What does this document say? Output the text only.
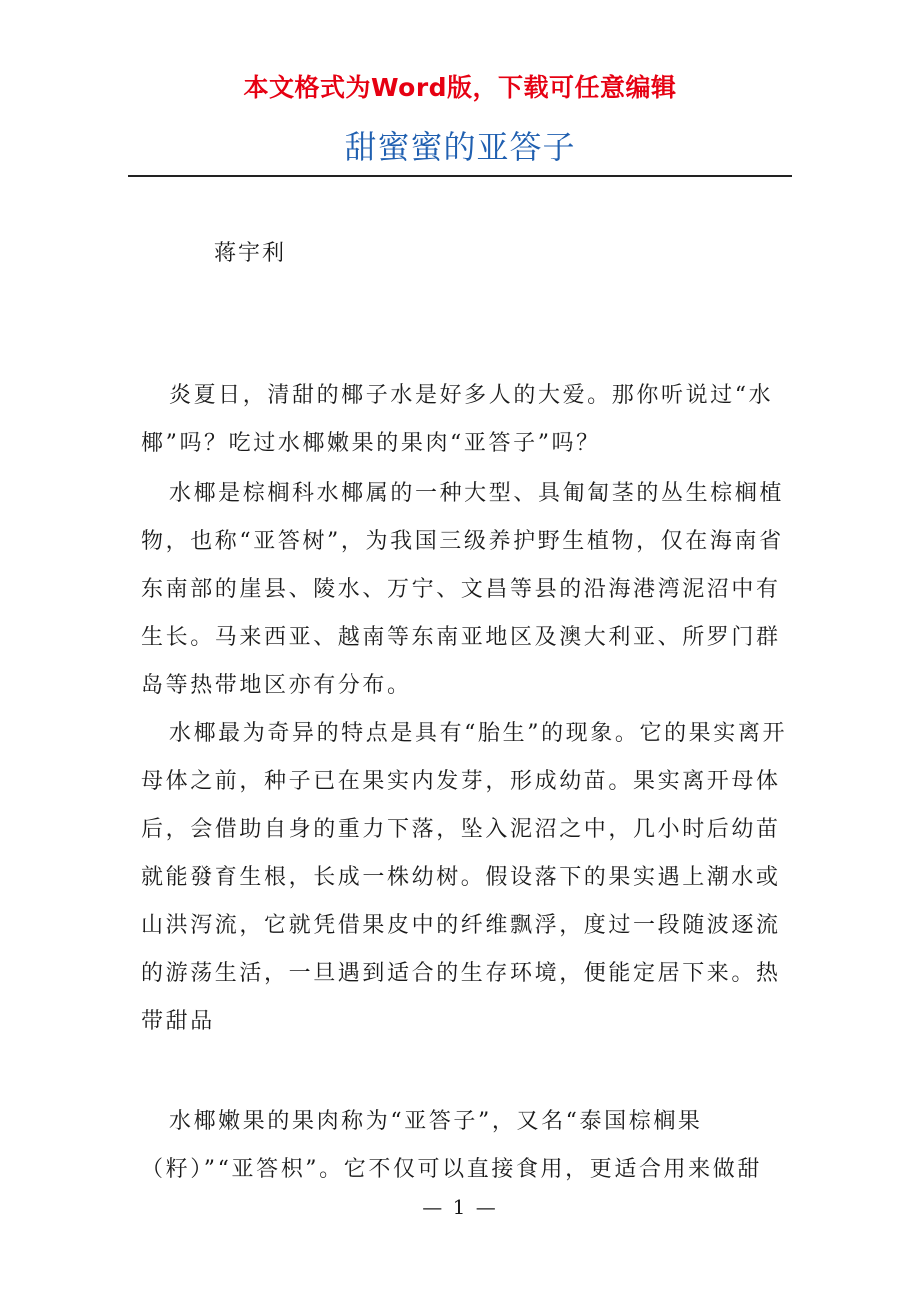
本文格式为Word版，下载可任意编辑
甜蜜蜜的亚答子
蒋宇利

炎夏日，清甜的椰子水是好多人的大爱。那你听说过“水椰”吗？吃过水椰嫩果的果肉“亚答子”吗？

水椰是棕榈科水椰属的一种大型、具匍匐茎的丛生棕榈植物，也称“亚答树”，为我国三级养护野生植物，仅在海南省东南部的崖县、陵水、万宁、文昌等县的沿海港湾泥沼中有生长。马来西亚、越南等东南亚地区及澳大利亚、所罗门群岛等热带地区亦有分布。

水椰最为奇异的特点是具有“胎生”的现象。它的果实离开母体之前，种子已在果实内发芽，形成幼苗。果实离开母体后，会借助自身的重力下落，坠入泥沼之中，几小时后幼苗就能發育生根，长成一株幼树。假设落下的果实遇上潮水或山洪泻流，它就凭借果皮中的纤维飘浮，度过一段随波逐流的游荡生活，一旦遇到适合的生存环境，便能定居下来。热带甜品

水椰嫩果的果肉称为“亚答子”，又名“泰国棕榈果（籽）”“亚答枳”。它不仅可以直接食用，更适合用来做甜

— 1 —
